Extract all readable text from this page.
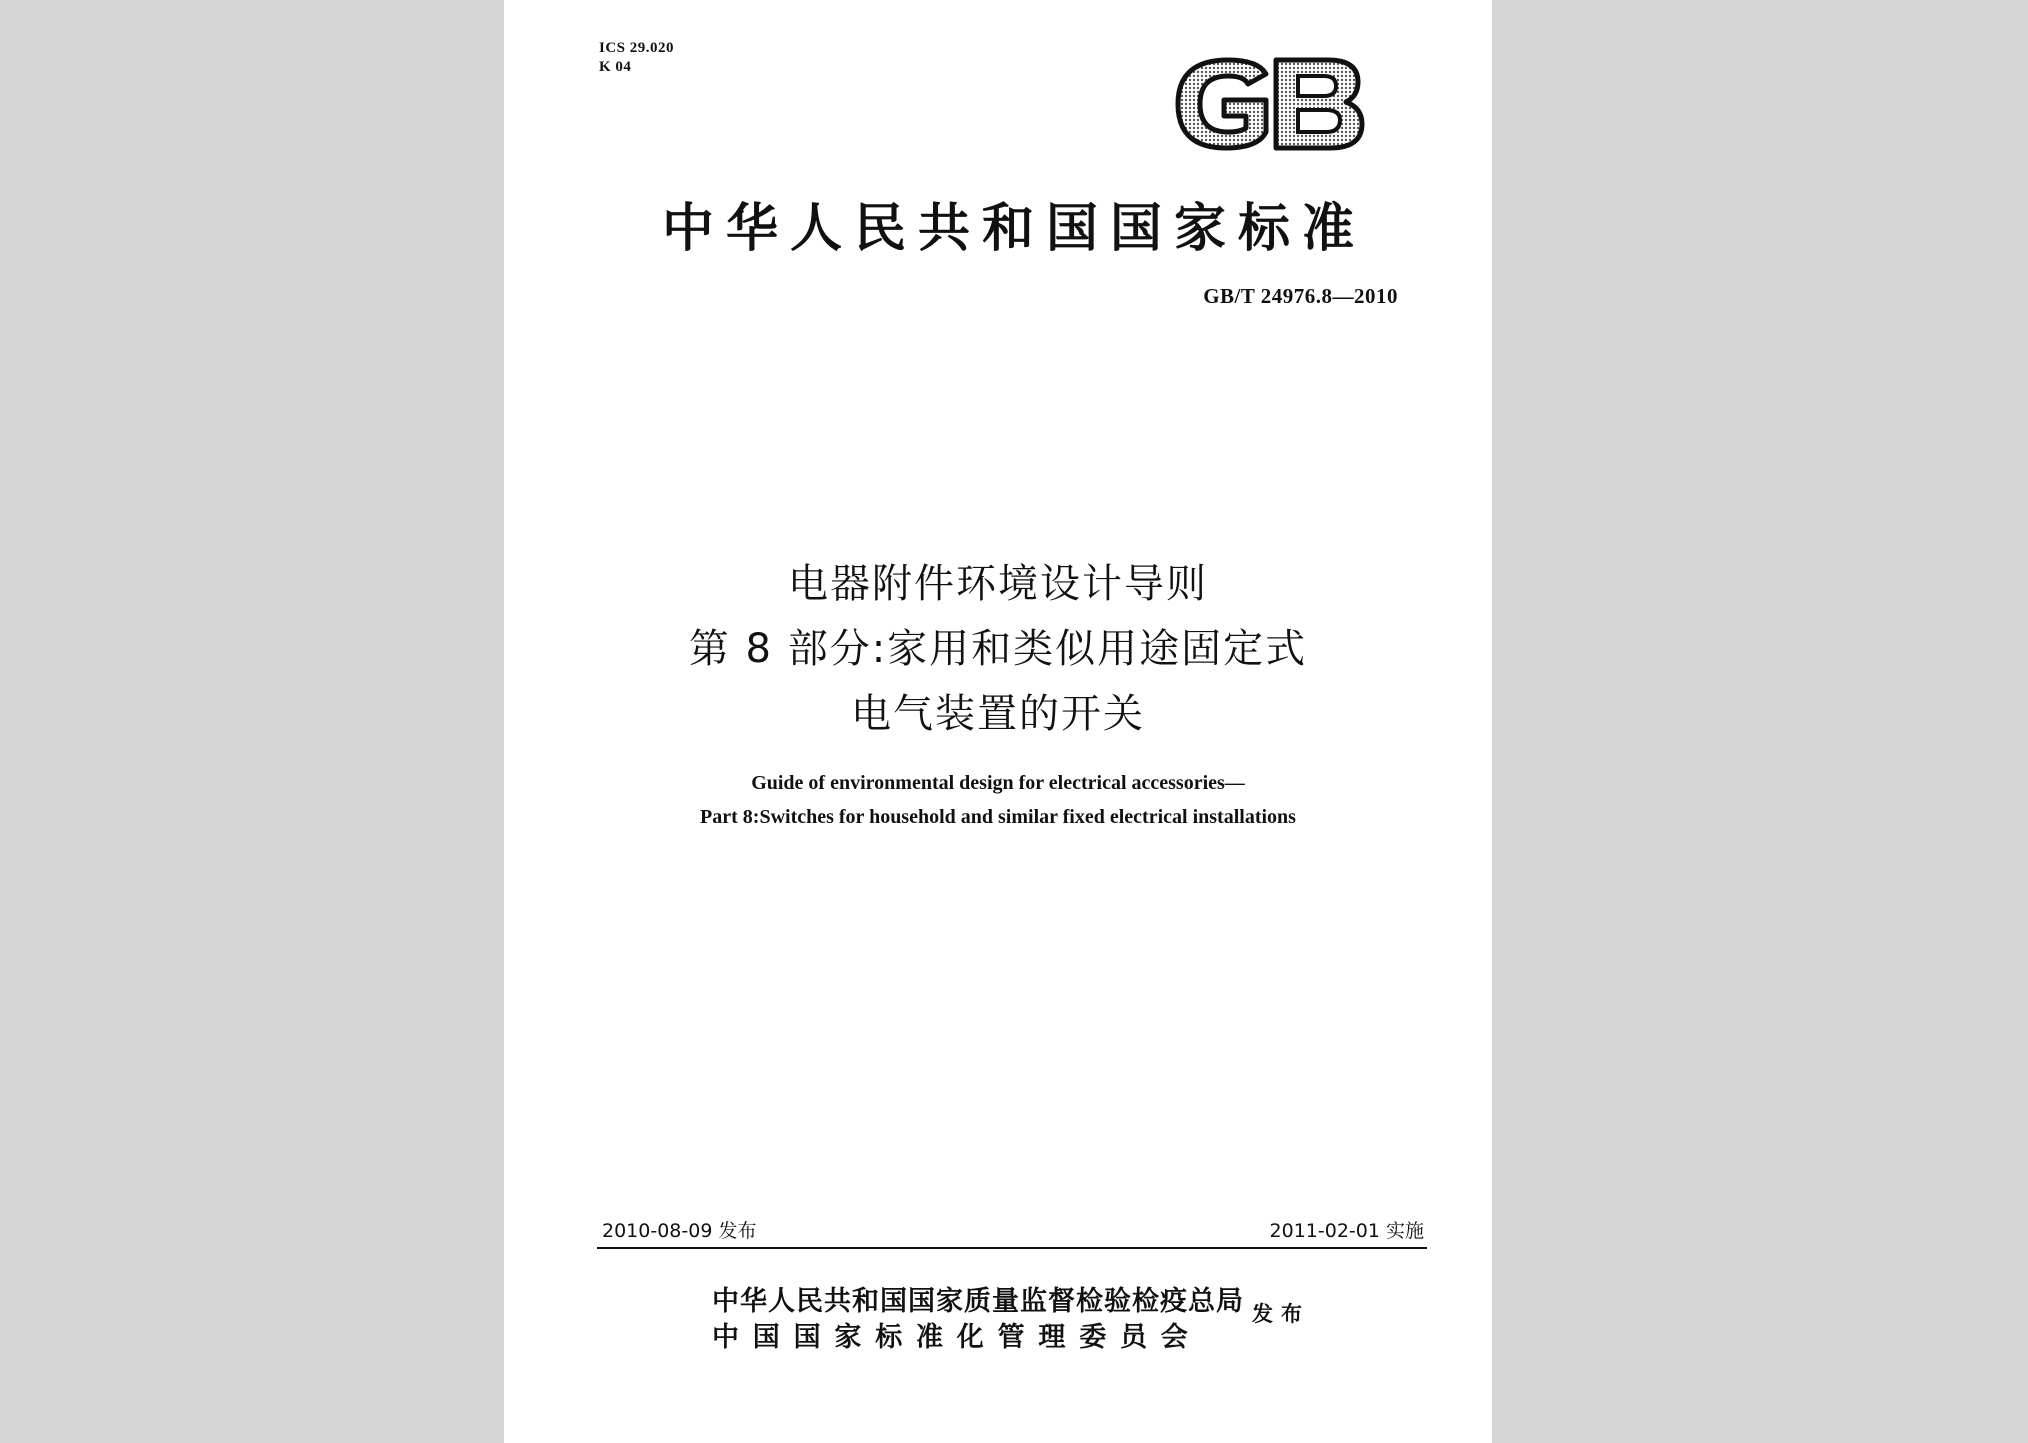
ICS 29.020
K 04
中华人民共和国国家标准
GB/T 24976.8—2010
电器附件环境设计导则
第 8 部分:家用和类似用途固定式
电气装置的开关
Guide of environmental design for electrical accessories—
Part 8:Switches for household and similar fixed electrical installations
2010-08-09 发布	2011-02-01 实施
中华人民共和国国家质量监督检验检疫总局
中国国家标准化管理委员会
发布
